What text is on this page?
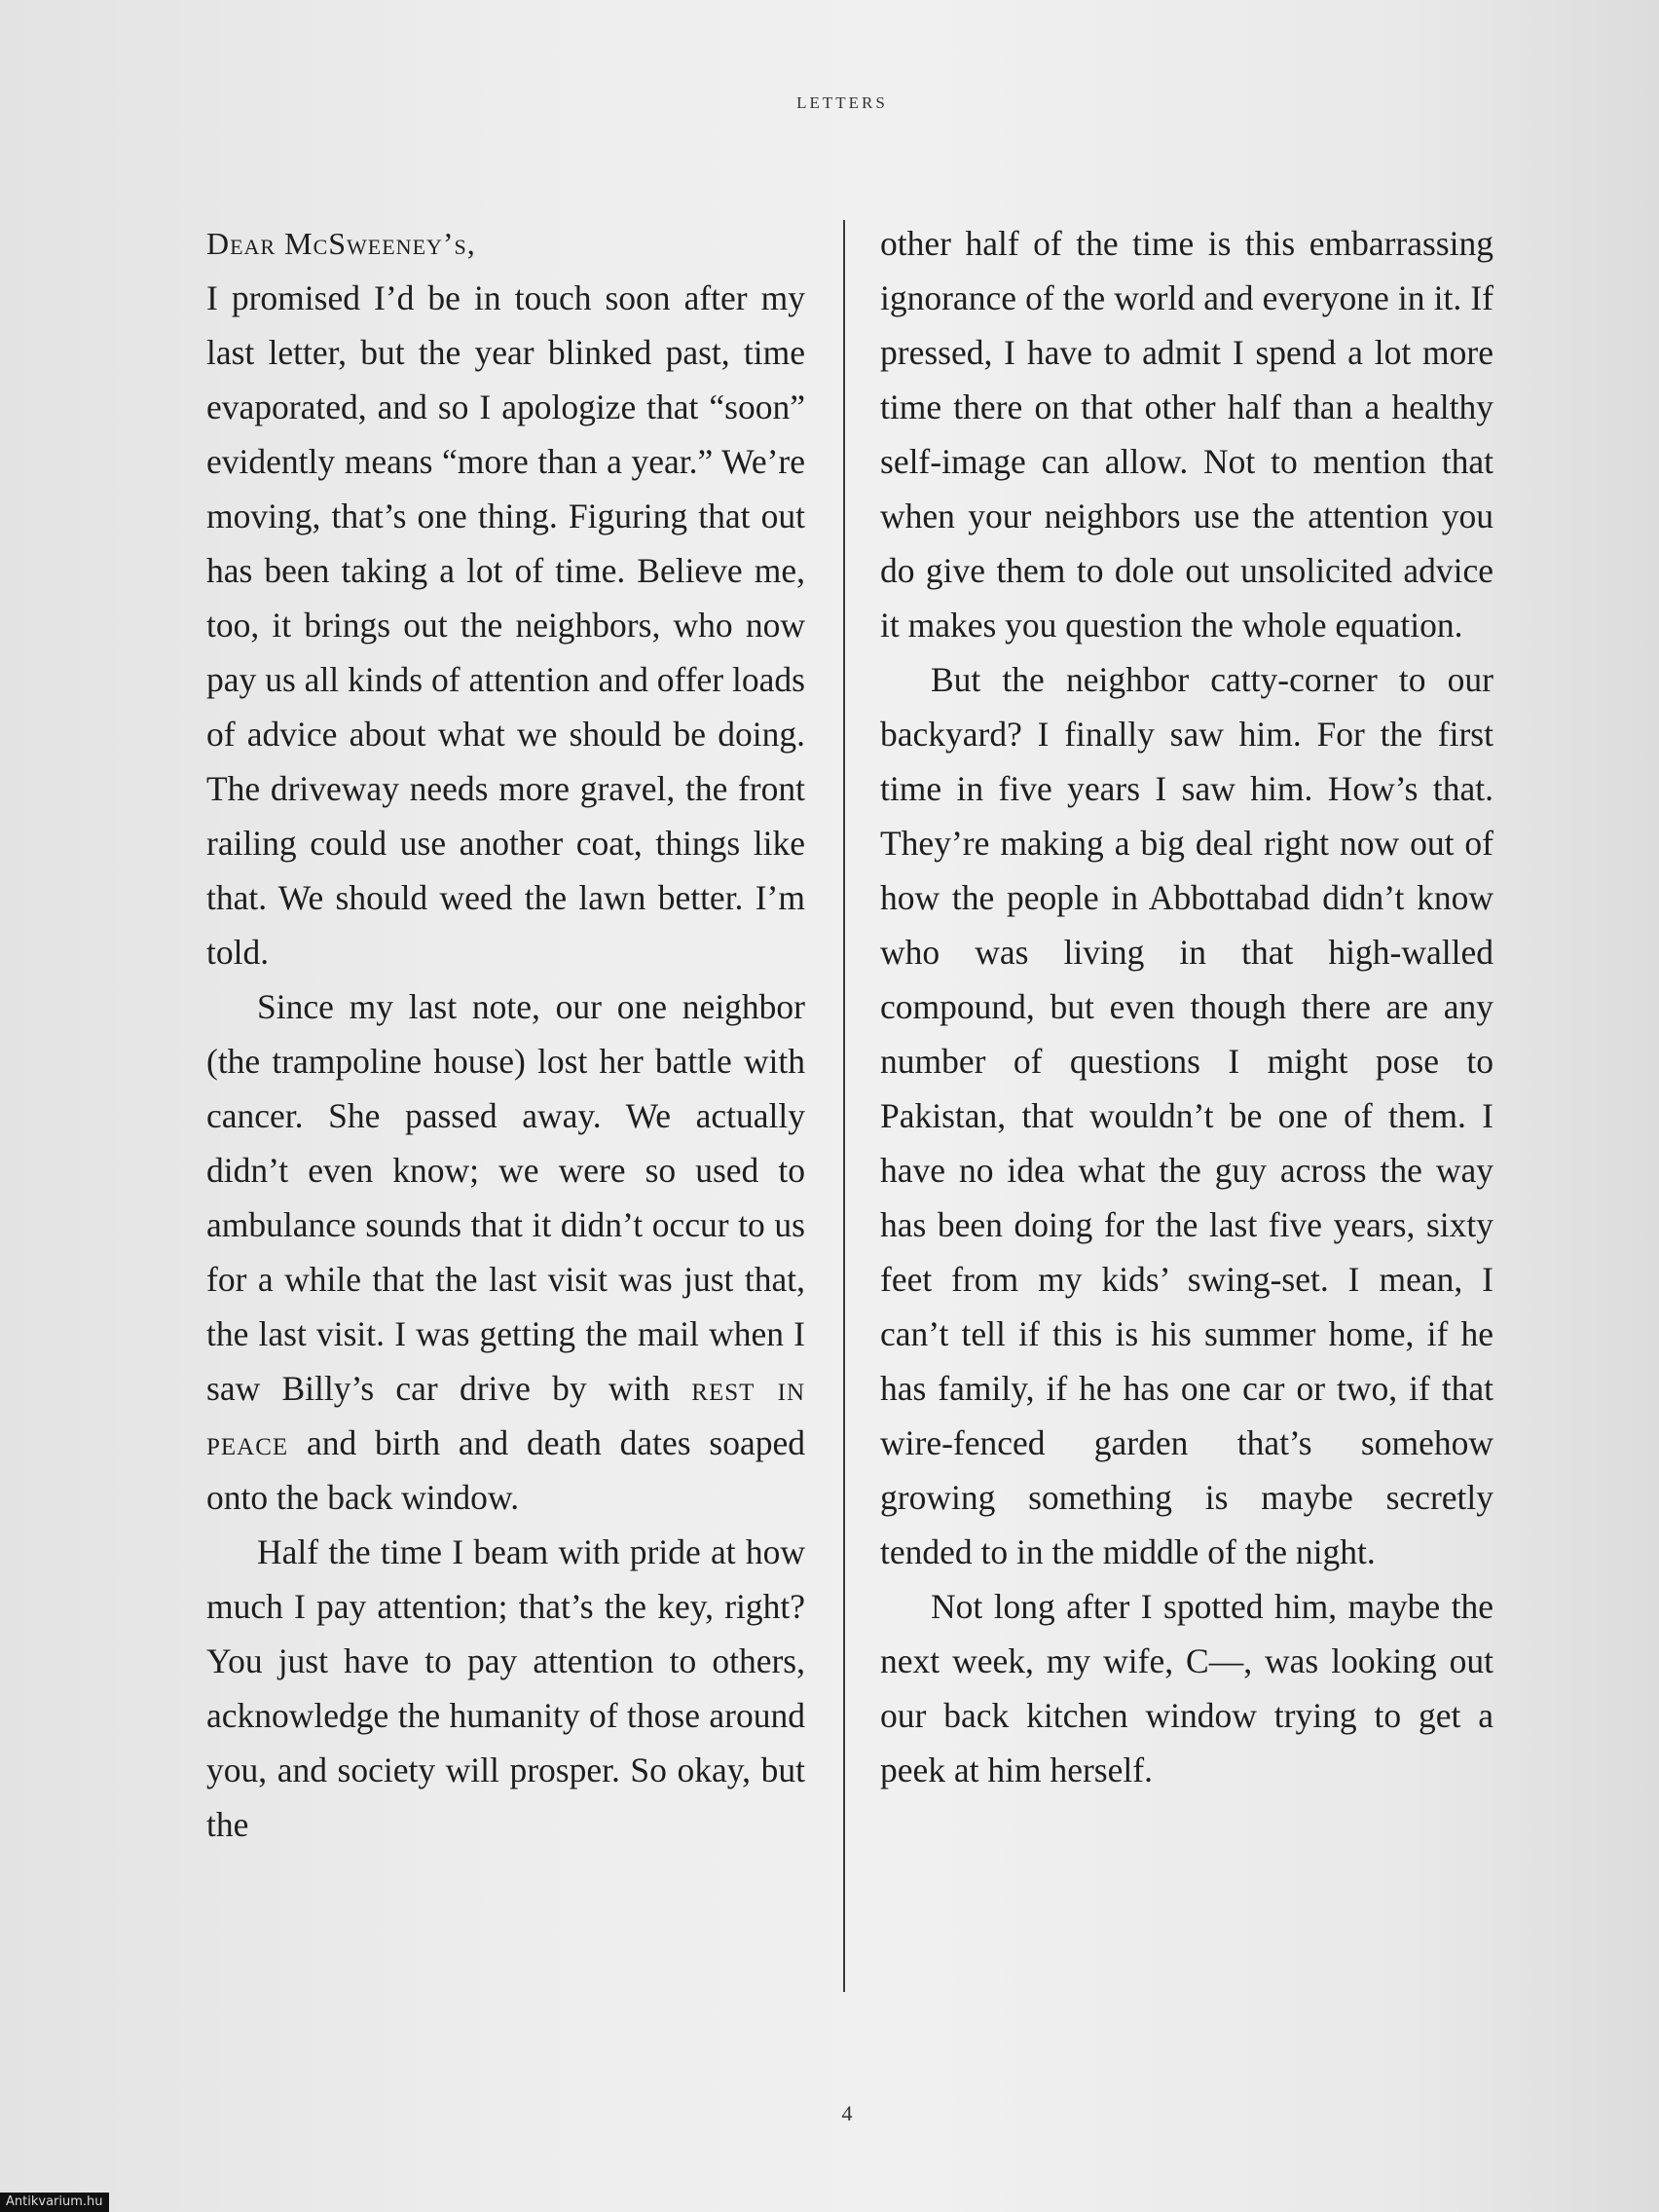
LETTERS

Dear McSweeney’s,

I promised I’d be in touch soon after my last letter, but the year blinked past, time evaporated, and so I apologize that “soon” evidently means “more than a year.” We’re moving, that’s one thing. Figuring that out has been taking a lot of time. Believe me, too, it brings out the neighbors, who now pay us all kinds of attention and offer loads of advice about what we should be doing. The driveway needs more gravel, the front railing could use another coat, things like that. We should weed the lawn better. I’m told.

Since my last note, our one neighbor (the trampoline house) lost her battle with cancer. She passed away. We actually didn’t even know; we were so used to ambulance sounds that it didn’t occur to us for a while that the last visit was just that, the last visit. I was getting the mail when I saw Billy’s car drive by with rest in peace and birth and death dates soaped onto the back window.

Half the time I beam with pride at how much I pay attention; that’s the key, right? You just have to pay attention to others, acknowledge the humanity of those around you, and society will prosper. So okay, but the

other half of the time is this embarrassing ignorance of the world and everyone in it. If pressed, I have to admit I spend a lot more time there on that other half than a healthy self-image can allow. Not to mention that when your neighbors use the attention you do give them to dole out unsolicited advice it makes you question the whole equation.

But the neighbor catty-corner to our backyard? I finally saw him. For the first time in five years I saw him. How’s that. They’re making a big deal right now out of how the people in Abbottabad didn’t know who was living in that high-walled compound, but even though there are any number of questions I might pose to Pakistan, that wouldn’t be one of them. I have no idea what the guy across the way has been doing for the last five years, sixty feet from my kids’ swing-set. I mean, I can’t tell if this is his summer home, if he has family, if he has one car or two, if that wire-fenced garden that’s somehow growing something is maybe secretly tended to in the middle of the night.

Not long after I spotted him, maybe the next week, my wife, C—, was looking out our back kitchen window trying to get a peek at him herself.

4
Antikvarium.hu
